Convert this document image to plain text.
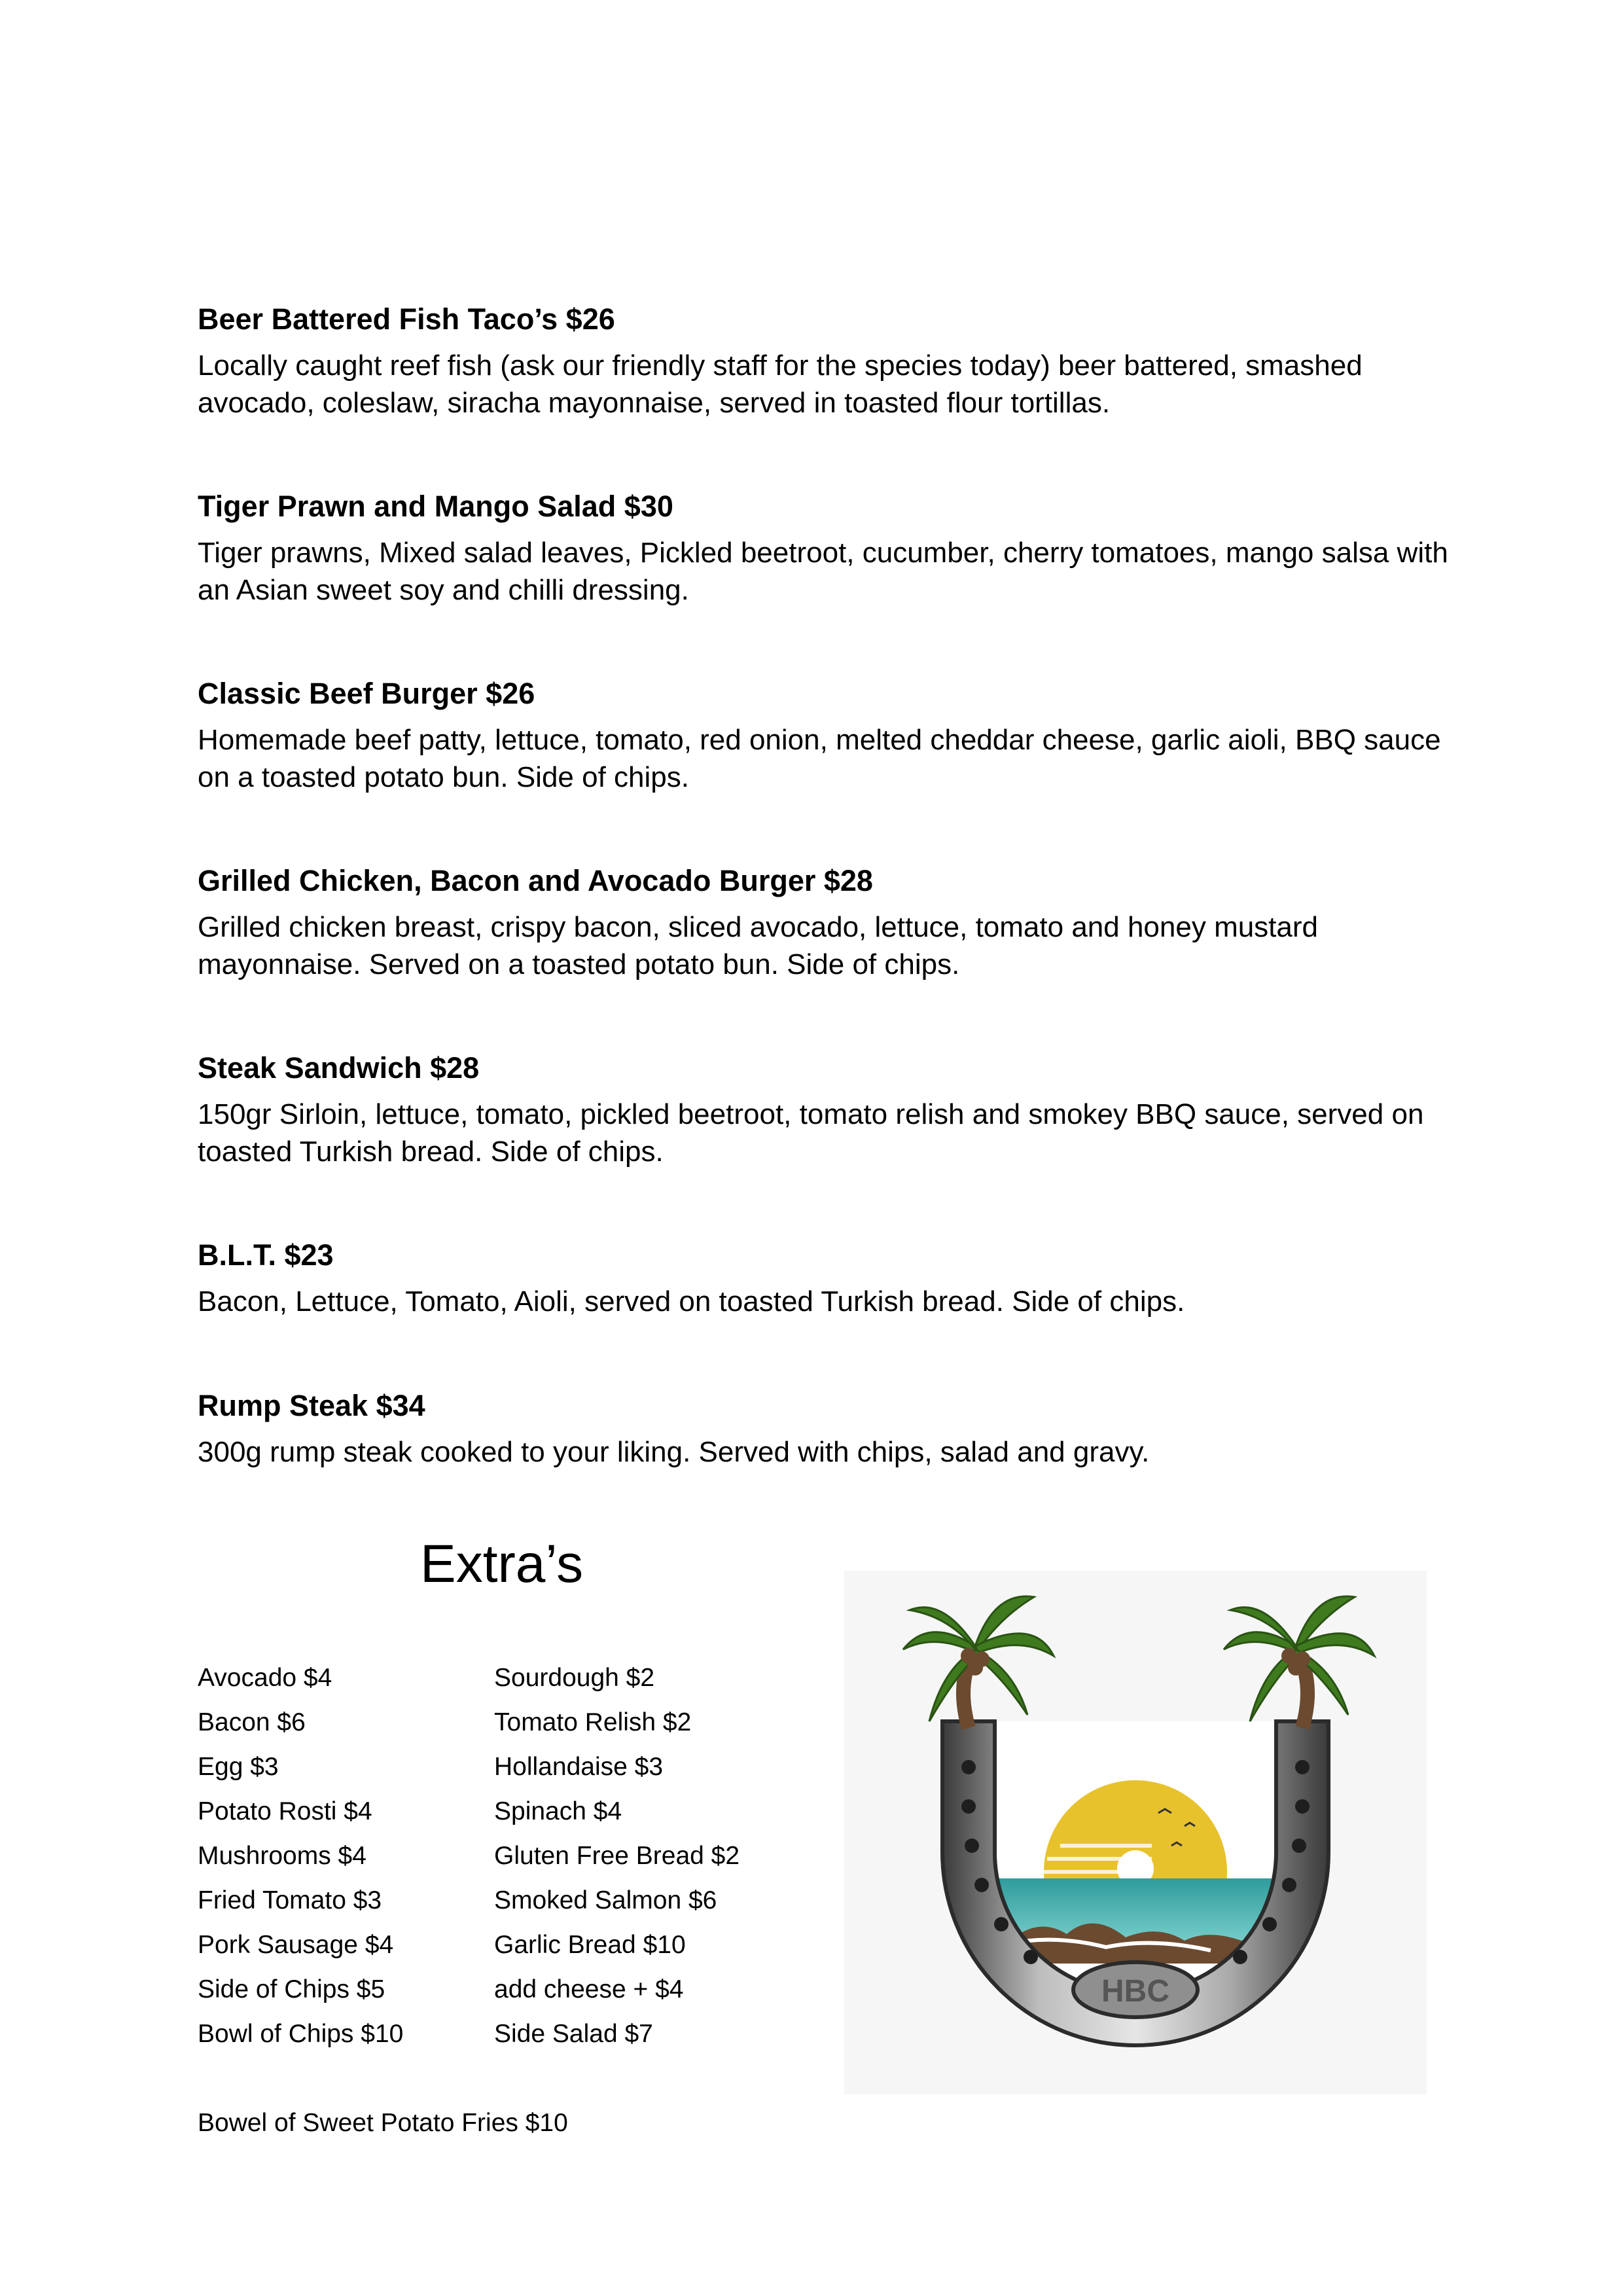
Beer Battered Fish Taco’s $26

Locally caught reef fish (ask our friendly staff for the species today) beer battered, smashed avocado, coleslaw, siracha mayonnaise, served in toasted flour tortillas.

Tiger Prawn and Mango Salad $30

Tiger prawns, Mixed salad leaves, Pickled beetroot, cucumber, cherry tomatoes, mango salsa with an Asian sweet soy and chilli dressing.

Classic Beef Burger $26

Homemade beef patty, lettuce, tomato, red onion, melted cheddar cheese, garlic aioli, BBQ sauce on a toasted potato bun. Side of chips.

Grilled Chicken, Bacon and Avocado Burger $28

Grilled chicken breast, crispy bacon, sliced avocado, lettuce, tomato and honey mustard mayonnaise. Served on a toasted potato bun. Side of chips.

Steak Sandwich $28

150gr Sirloin, lettuce, tomato, pickled beetroot, tomato relish and smokey BBQ sauce, served on toasted Turkish bread. Side of chips.

B.L.T. $23

Bacon, Lettuce, Tomato, Aioli, served on toasted Turkish bread. Side of chips.

Rump Steak $34

300g rump steak cooked to your liking. Served with chips, salad and gravy.

Extra’s
Avocado $4
Bacon $6
Egg $3
Potato Rosti $4
Mushrooms $4
Fried Tomato $3
Pork Sausage $4
Side of Chips $5
Bowl of Chips $10
Sourdough $2
Tomato Relish $2
Hollandaise $3
Spinach $4
Gluten Free Bread $2
Smoked Salmon $6
Garlic Bread $10
add cheese + $4
Side Salad $7
Bowel of Sweet Potato Fries $10
HBC
